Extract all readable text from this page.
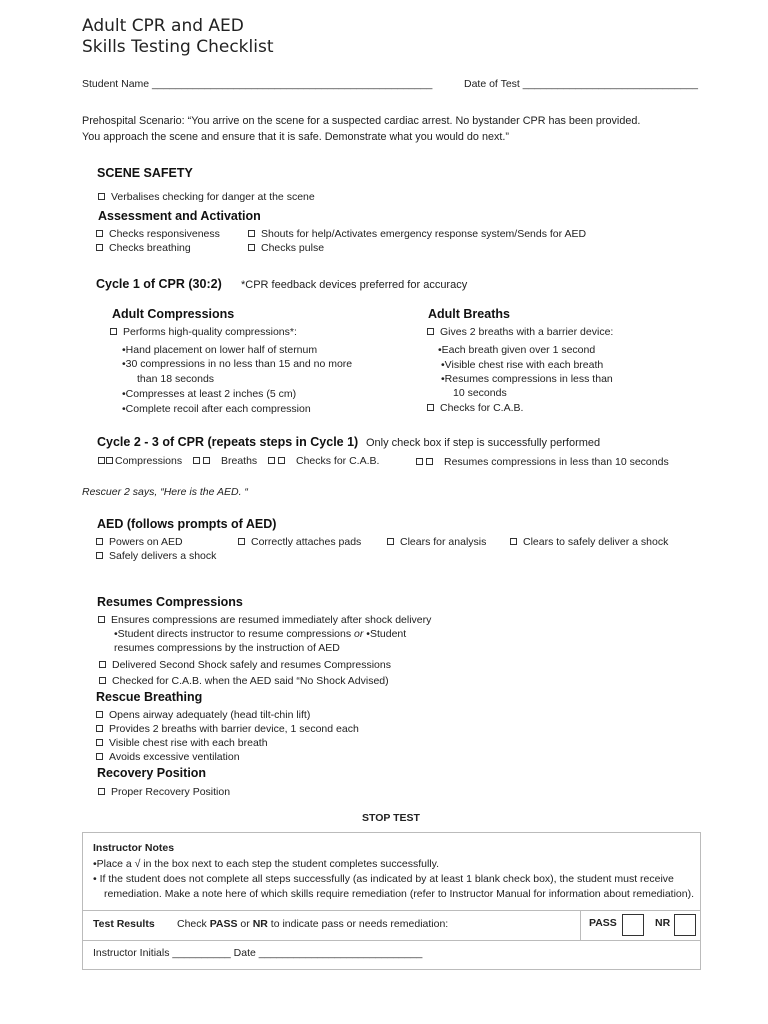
Adult CPR and AED
Skills Testing Checklist
Student Name ________________________________________________	Date of Test ______________________________
Prehospital Scenario: “You arrive on the scene for a suspected cardiac arrest. No bystander CPR has been provided.
You approach the scene and ensure that it is safe. Demonstrate what you would do next.”
SCENE SAFETY
Verbalises checking for danger at the scene
Assessment and Activation
Checks responsiveness	Shouts for help/Activates emergency response system/Sends for AED
Checks breathing	Checks pulse
Cycle 1 of CPR (30:2) *CPR feedback devices preferred for accuracy
Adult Compressions
Performs high-quality compressions*:
•Hand placement on lower half of sternum
•30 compressions in no less than 15 and no more
than 18 seconds
•Compresses at least 2 inches (5 cm)
•Complete recoil after each compression
Adult Breaths
Gives 2 breaths with a barrier device:
•Each breath given over 1 second
•Visible chest rise with each breath
•Resumes compressions in less than
10 seconds
Checks for C.A.B.
Cycle 2 - 3 of CPR (repeats steps in Cycle 1) Only check box if step is successfully performed
Compressions	Breaths	Checks for C.A.B.	Resumes compressions in less than 10 seconds
Rescuer 2 says, “Here is the AED. “
AED (follows prompts of AED)
Powers on AED	Correctly attaches pads	Clears for analysis	Clears to safely deliver a shock
Safely delivers a shock
Resumes Compressions
Ensures compressions are resumed immediately after shock delivery
•Student directs instructor to resume compressions or •Student
resumes compressions by the instruction of AED
Delivered Second Shock safely and resumes Compressions
Checked for C.A.B. when the AED said “No Shock Advised)
Rescue Breathing
Opens airway adequately (head tilt-chin lift)
Provides 2 breaths with barrier device, 1 second each
Visible chest rise with each breath
Avoids excessive ventilation
Recovery Position
Proper Recovery Position
STOP TEST
Instructor Notes
•Place a √ in the box next to each step the student completes successfully.
• If the student does not complete all steps successfully (as indicated by at least 1 blank check box), the student must receive
remediation. Make a note here of which skills require remediation (refer to Instructor Manual for information about remediation).
Test Results Check PASS or NR to indicate pass or needs remediation:	PASS	NR
Instructor Initials __________ Date ____________________________
